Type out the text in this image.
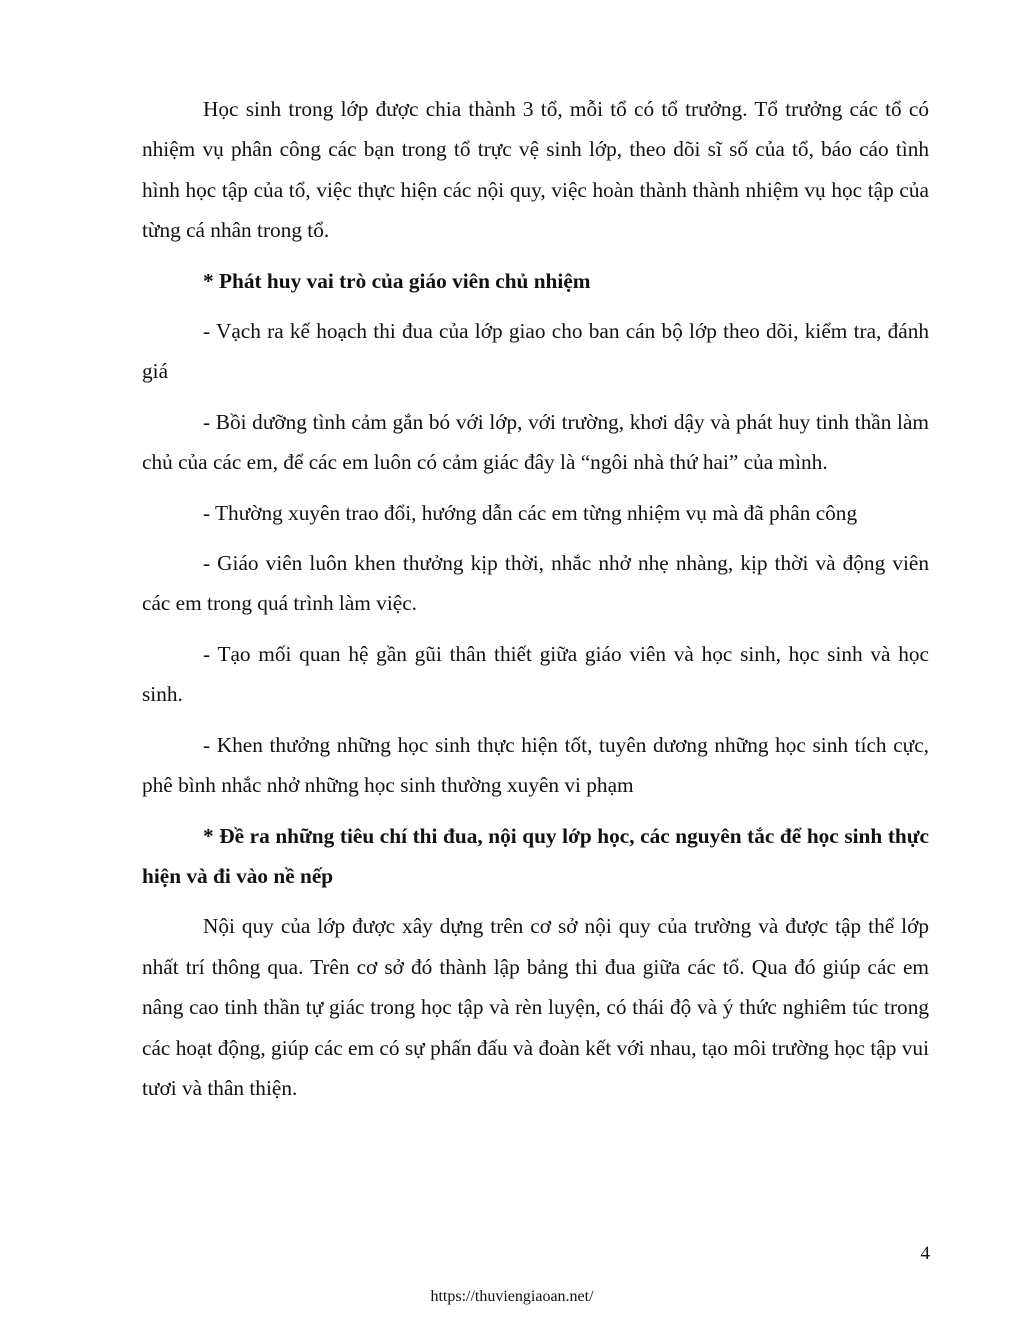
Học sinh trong lớp được chia thành 3 tổ, mỗi tổ có tổ trưởng. Tổ trưởng các tổ có nhiệm vụ phân công các bạn trong tổ trực vệ sinh lớp, theo dõi sĩ số của tổ, báo cáo tình hình học tập của tổ, việc thực hiện các nội quy, việc hoàn thành thành nhiệm vụ học tập của từng cá nhân trong tổ.

* Phát huy vai trò của giáo viên chủ nhiệm

- Vạch ra kế hoạch thi đua của lớp giao cho ban cán bộ lớp theo dõi, kiểm tra, đánh giá

- Bồi dưỡng tình cảm gắn bó với lớp, với trường, khơi dậy và phát huy tinh thần làm chủ của các em, để các em luôn có cảm giác đây là “ngôi nhà thứ hai” của mình.

- Thường xuyên trao đổi, hướng dẫn các em từng nhiệm vụ mà đã phân công

- Giáo viên luôn khen thưởng kịp thời, nhắc nhở nhẹ nhàng, kịp thời và động viên các em trong quá trình làm việc.

- Tạo mối quan hệ gần gũi thân thiết giữa giáo viên và học sinh, học sinh và học sinh.

- Khen thưởng những học sinh thực hiện tốt, tuyên dương những học sinh tích cực, phê bình nhắc nhở những học sinh thường xuyên vi phạm

* Đề ra những tiêu chí thi đua, nội quy lớp học, các nguyên tắc để học sinh thực hiện và đi vào nề nếp

Nội quy của lớp được xây dựng trên cơ sở nội quy của trường và được tập thể lớp nhất trí thông qua. Trên cơ sở đó thành lập bảng thi đua giữa các tổ. Qua đó giúp các em nâng cao tinh thần tự giác trong học tập và rèn luyện, có thái độ và ý thức nghiêm túc trong các hoạt động, giúp các em có sự phấn đấu và đoàn kết với nhau, tạo môi trường học tập vui tươi và thân thiện.

4
https://thuviengiaoan.net/
